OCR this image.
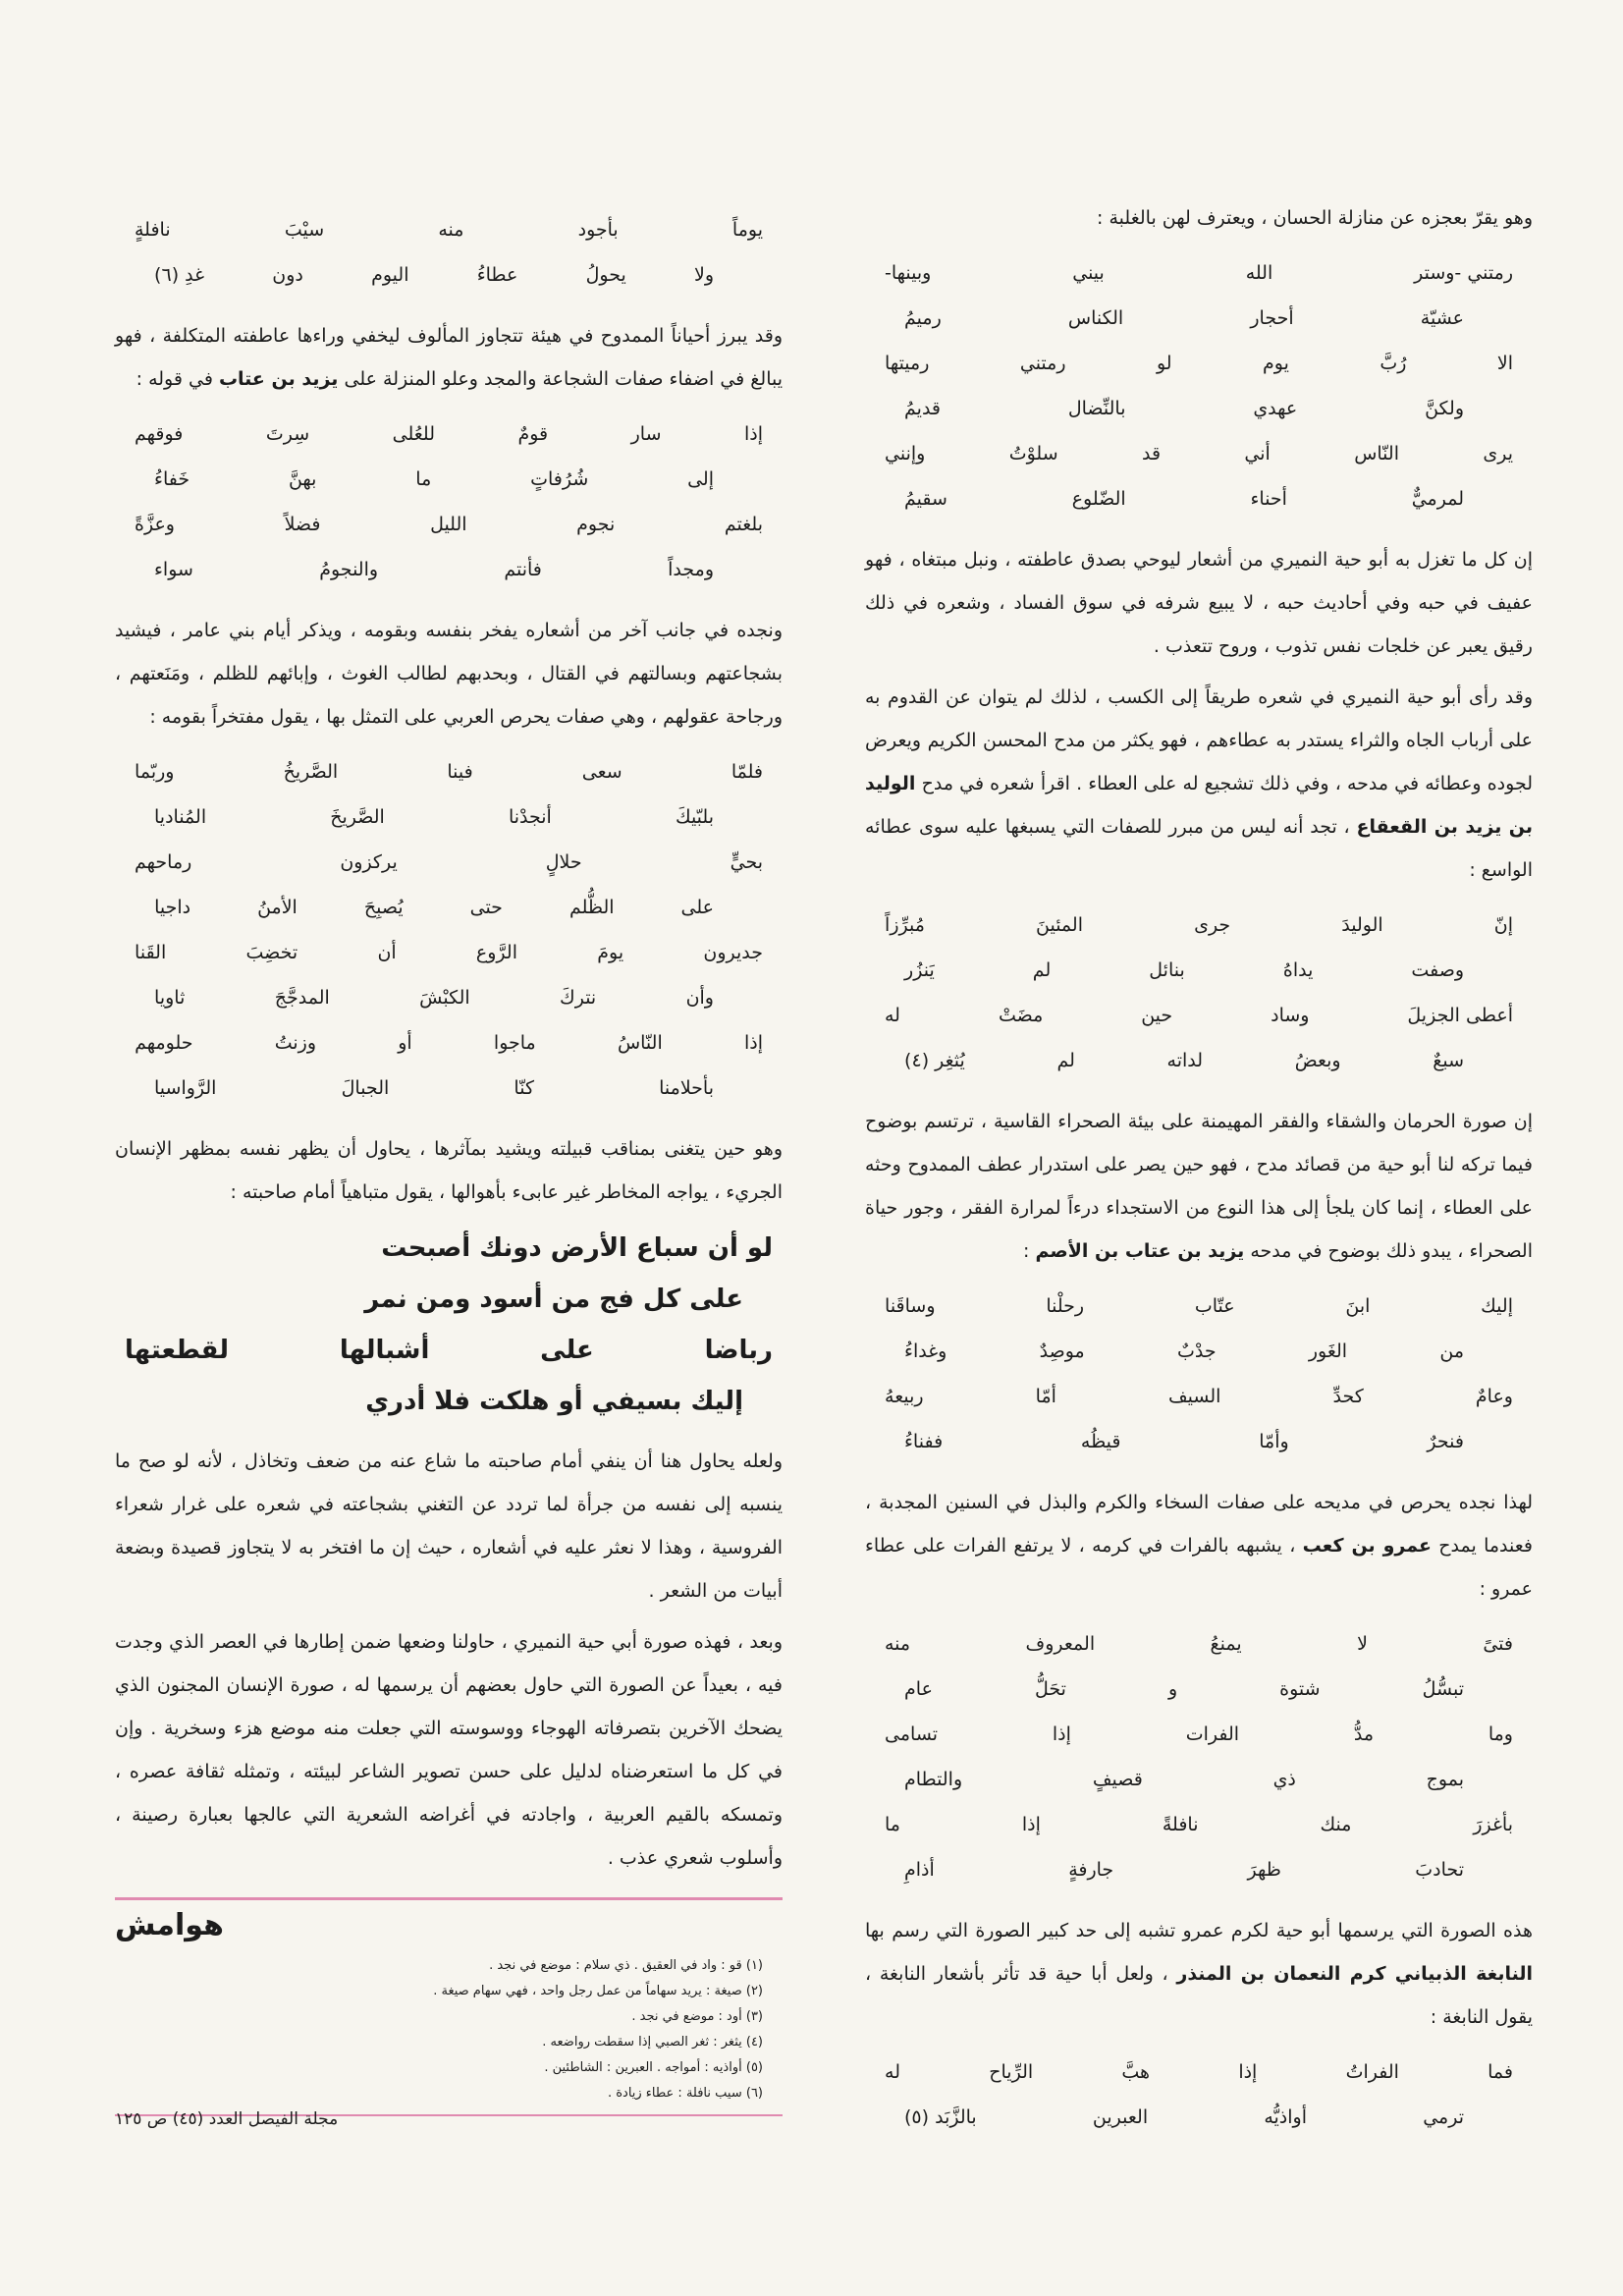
وهو يقرّ بعجزه عن منازلة الحسان ، ويعترف لهن بالغلبة :

رمتني -وستر
الله
بيني
وبينها-
عشيّة
أحجار
الكناس
رميمُ
الا
رُبَّ
يوم
لو
رمتني
رميتها
ولكنَّ
عهدي
بالنِّضال
قديمُ
يرى
النّاس
أني
قد
سلوْتُ
وإنني
لمرميٌّ
أحناء
الضّلوع
سقيمُ

إن كل ما تغزل به أبو حية النميري من أشعار ليوحي بصدق عاطفته ، ونبل مبتغاه ، فهو عفيف في حبه وفي أحاديث حبه ، لا يبيع شرفه في سوق الفساد ، وشعره في ذلك رقيق يعبر عن خلجات نفس تذوب ، وروح تتعذب .

وقد رأى أبو حية النميري في شعره طريقاً إلى الكسب ، لذلك لم يتوان عن القدوم به على أرباب الجاه والثراء يستدر به عطاءهم ، فهو يكثر من مدح المحسن الكريم ويعرض لجوده وعطائه في مدحه ، وفي ذلك تشجيع له على العطاء . اقرأ شعره في مدح الوليد بن يزيد بن القعقاع ، تجد أنه ليس من مبرر للصفات التي يسبغها عليه سوى عطائه الواسع :

إنّ
الوليدَ
جرى
المئينَ
مُبرِّزاً
وصفت
يداهُ
بنائل
لم
يَنزُر
أعطى الجزيلَ
وساد
حين
مضَتْ
له
سبعٌ
وبعضُ
لداته
لم
يُثغِر (٤)

إن صورة الحرمان والشقاء والفقر المهيمنة على بيئة الصحراء القاسية ، ترتسم بوضوح فيما تركه لنا أبو حية من قصائد مدح ، فهو حين يصر على استدرار عطف الممدوح وحثه على العطاء ، إنما كان يلجأ إلى هذا النوع من الاستجداء درءاً لمرارة الفقر ، وجور حياة الصحراء ، يبدو ذلك بوضوح في مدحه يزيد بن عتاب بن الأصم :

إليك
ابنَ
عتّاب
رحلْنا
وساقَنا
من
الغَور
جدْبٌ
موصِدٌ
وغداءُ
وعامٌ
كحدِّ
السيف
أمّا
ربيعهُ
فنحرٌ
وأمّا
قيظُه
ففناءُ

لهذا نجده يحرص في مديحه على صفات السخاء والكرم والبذل في السنين المجدبة ، فعندما يمدح عمرو بن كعب ، يشبهه بالفرات في كرمه ، لا يرتفع الفرات على عطاء عمرو :

فتىً
لا
يمنعُ
المعروف
منه
تبسُّلُ
شتوة
و
تحَلُّ
عام
وما
مدُّ
الفرات
إذا
تسامى
بموج
ذي
قصيفٍ
والتطام
بأغزرَ
منك
نافلةً
إذا
ما
تحادبَ
ظهرَ
جارفةٍ
أذامِ

هذه الصورة التي يرسمها أبو حية لكرم عمرو تشبه إلى حد كبير الصورة التي رسم بها النابغة الذبياني كرم النعمان بن المنذر ، ولعل أبا حية قد تأثر بأشعار النابغة ، يقول النابغة :

فما
الفراتُ
إذا
هبَّ
الرِّياح
له
ترمي
أواذيُّه
العبرين
بالزَّبَد (٥)
يوماً
بأجود
منه
سيْبَ
نافلةٍ
ولا
يحولُ
عطاءُ
اليوم
دون
غدِ (٦)

وقد يبرز أحياناً الممدوح في هيئة تتجاوز المألوف ليخفي وراءها عاطفته المتكلفة ، فهو يبالغ في اضفاء صفات الشجاعة والمجد وعلو المنزلة على يزيد بن عتاب في قوله :

إذا
سار
قومٌ
للعُلى
سِرتَ
فوقهم
إلى
شُرُفاتٍ
ما
بهنَّ
خَفاءُ
بلغتم
نجوم
الليل
فضلاً
وعزَّةً
ومجداً
فأنتم
والنجومُ
سواء

ونجده في جانب آخر من أشعاره يفخر بنفسه وبقومه ، ويذكر أيام بني عامر ، فيشيد بشجاعتهم وبسالتهم في القتال ، وبحدبهم لطالب الغوث ، وإبائهم للظلم ، ومَنَعتهم ، ورجاحة عقولهم ، وهي صفات يحرص العربي على التمثل بها ، يقول مفتخراً بقومه :

فلمّا
سعى
فينا
الصَّريخُ
وربّما
بلبّيكَ
أنجدْنا
الصَّريخَ
المُناديا
بحيٍّ
حلالٍ
يركزون
رماحهم
على
الظُّلم
حتى
يُصبِحَ
الأمنُ
داجيا
جديرون
يومَ
الرَّوع
أن
تخضِبَ
القَنا
وأن
نتركَ
الكبْشَ
المدجَّجَ
ثاويا
إذا
النّاسُ
ماجوا
أو
وزنتُ
حلومهم
بأحلامنا
كنّا
الجبالَ
الرَّواسيا

وهو حين يتغنى بمناقب قبيلته ويشيد بمآثرها ، يحاول أن يظهر نفسه بمظهر الإنسان الجريء ، يواجه المخاطر غير عابىء بأهوالها ، يقول متباهياً أمام صاحبته :

لو أن سباع الأرض دونك أصبحت
على كل فج من أسود ومن نمر
رباضا
على
أشبالها
لقطعتها
إليك بسيفي أو هلكت فلا أدري

ولعله يحاول هنا أن ينفي أمام صاحبته ما شاع عنه من ضعف وتخاذل ، لأنه لو صح ما ينسبه إلى نفسه من جرأة لما تردد عن التغني بشجاعته في شعره على غرار شعراء الفروسية ، وهذا لا نعثر عليه في أشعاره ، حيث إن ما افتخر به لا يتجاوز قصيدة وبضعة أبيات من الشعر .

وبعد ، فهذه صورة أبي حية النميري ، حاولنا وضعها ضمن إطارها في العصر الذي وجدت فيه ، بعيداً عن الصورة التي حاول بعضهم أن يرسمها له ، صورة الإنسان المجنون الذي يضحك الآخرين بتصرفاته الهوجاء ووسوسته التي جعلت منه موضع هزء وسخرية . وإن في كل ما استعرضناه لدليل على حسن تصوير الشاعر لبيئته ، وتمثله ثقافة عصره ، وتمسكه بالقيم العربية ، واجادته في أغراضه الشعرية التي عالجها بعبارة رصينة ، وأسلوب شعري عذب .

هوامش
(١) قو : واد في العقيق . ذي سلام : موضع في نجد .
(٢) صيغة : يريد سهاماً من عمل رجل واحد ، فهي سهام صيغة .
(٣) أود : موضع في نجد .
(٤) يثغر : ثغر الصبي إذا سقطت رواضعه .
(٥) أواذيه : أمواجه . العبرين : الشاطئين .
(٦) سيب نافلة : عطاء زيادة .
مجلة الفيصل العدد (٤٥) ص ١٢٥
